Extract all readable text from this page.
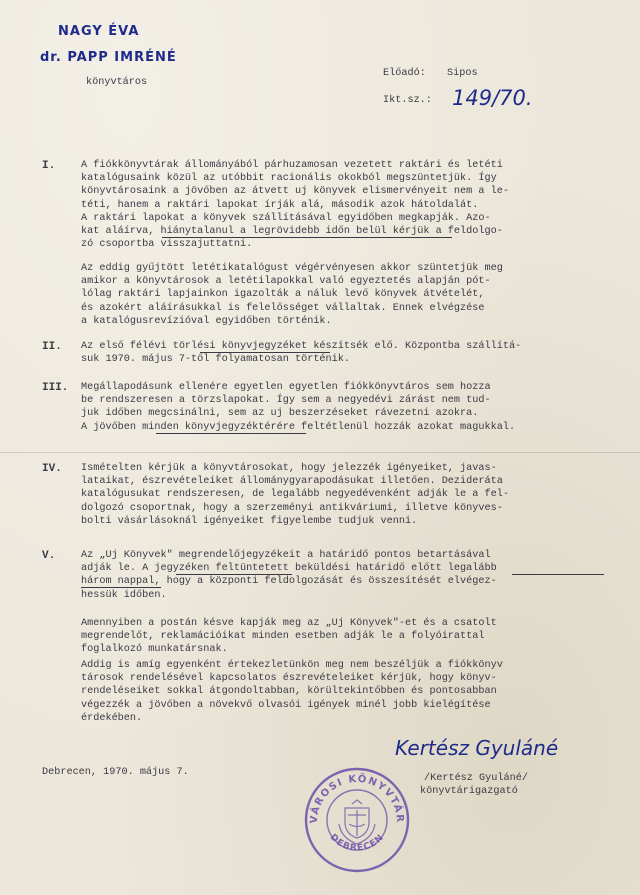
NAGY ÉVA
dr. PAPP IMRÉNÉ
könyvtáros
Előadó: Sipos
Ikt.sz.: 149/70.
I.	A fiókkönyvtárak állományából párhuzamosan vezetett raktári és letéti
katalógusaink közül az utóbbit racionális okokból megszüntetjük. Így
könyvtárosaink a jövőben az átvett uj könyvek elismervényeit nem a le-
téti, hanem a raktári lapokat írják alá, második azok hátoldalát.
A raktári lapokat a könyvek szállításával egyidőben megkapják. Azo-
kat aláírva, hiánytalanul a legrövidebb időn belül kérjük a feldolgo-
zó csoportba visszajuttatni.
Az eddig gyűjtött letétikatalógust végérvényesen akkor szüntetjük meg
amikor a könyvtárosok a letétilapokkal való egyeztetés alapján pót-
lólag raktári lapjainkon igazolták a náluk levő könyvek átvételét,
és azokért aláírásukkal is felelősséget vállaltak. Ennek elvégzése
a katalógusrevízióval egyidőben történik.
II. Az első félévi törlési könyvjegyzéket készítsék elő. Központba szállítá-
suk 1970. május 7-től folyamatosan történik.
III. Megállapodásunk ellenére egyetlen egyetlen fiókkönyvtáros sem hozza
be rendszeresen a törzslapokat. Így sem a negyedévi zárást nem tud-
juk időben megcsinálni, sem az uj beszerzéseket rávezetni azokra.
A jövőben minden könyvjegyzéktérére feltétlenül hozzák azokat magukkal.
IV. Ismételten kérjük a könyvtárosokat, hogy jelezzék igényeiket, javas-
lataikat, észrevételeiket állománygyarapodásukat illetően. Dezideráta
katalógusukat rendszeresen, de legalább negyedévenként adják le a fel-
dolgozó csoportnak, hogy a szerzeményi antikváriumi, illetve könyves-
bolti vásárlásoknál igényeiket figyelembe tudjuk venni.
V.	Az „Uj Könyvek" megrendelőjegyzékeit a határidő pontos betartásával
adják le. A jegyzéken feltüntetett beküldési határidő előtt legalább
három nappal, hogy a központi feldolgozását és összesítését elvégez-
hessük időben.
Amennyiben a postán késve kapják meg az „Uj Könyvek"-et és a csatolt
megrendelőt, reklamációikat minden esetben adják le a folyóirattal
foglalkozó munkatársnak.
Addig is amíg egyenként értekezletünkön meg nem beszéljük a fiókkönyv
tárosok rendelésével kapcsolatos észrevételeiket kérjük, hogy könyv-
rendeléseiket sokkal átgondoltabban, körültekintőbben és pontosabban
végezzék a jövőben a növekvő olvasói igények minél jobb kielégítése
érdekében.
Debrecen, 1970. május 7.
Kertész Gyuláné
/Kertész Gyuláné/
könyvtárigazgató
VÁROSI KÖNYVTÁR
DEBRECEN
